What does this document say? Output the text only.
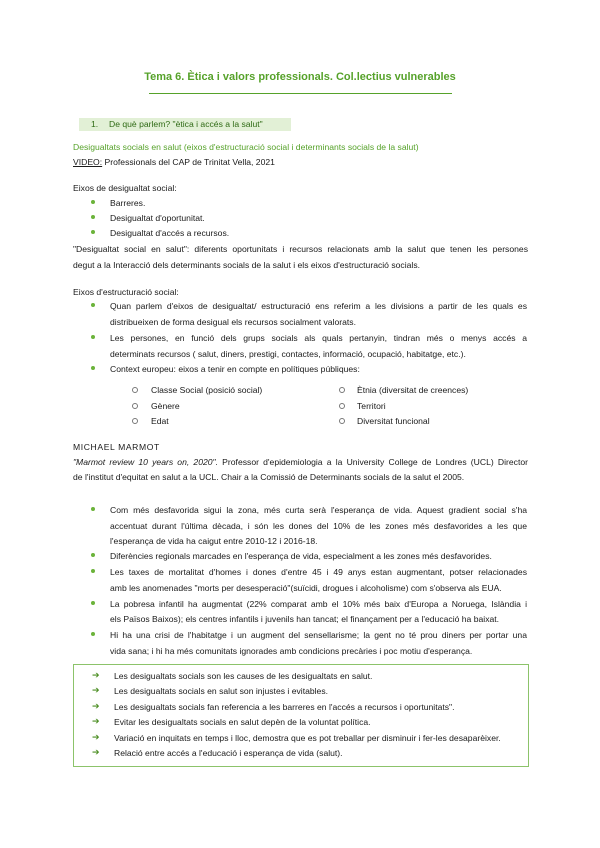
Tema 6. Ètica i valors professionals. Col.lectius vulnerables
1. De què parlem? "ètica i accés a la salut"
Desigualtats socials en salut (eixos d'estructuració social i determinants socials de la salut)
VIDEO: Professionals del CAP de Trinitat Vella, 2021
Eixos de desigualtat social:
Barreres.
Desigualtat d'oportunitat.
Desigualtat d'accés a recursos.
"Desigualtat social en salut": diferents oportunitats i recursos relacionats amb la salut que tenen les persones
degut a la Interacció dels determinants socials de la salut i els eixos d'estructuració socials.
Eixos d'estructuració social:
Quan parlem d'eixos de desigualtat/ estructuració ens referim a les divisions a partir de les quals es
distribueixen de forma desigual els recursos socialment valorats.
Les persones, en funció dels grups socials als quals pertanyin, tindran més o menys accés a
determinats recursos ( salut, diners, prestigi, contactes, informació, ocupació, habitatge, etc.).
Context europeu: eixos a tenir en compte en polítiques públiques:
Classe Social (posició social)
Gènere
Edat
Ètnia (diversitat de creences)
Territori
Diversitat funcional
MICHAEL MARMOT
"Marmot review 10 years on, 2020". Professor d'epidemiologia a la University College de Londres (UCL) Director
de l'institut d'equitat en salut a la UCL. Chair a la Comissió de Determinants socials de la salut el 2005.
Com més desfavorida sigui la zona, més curta serà l'esperança de vida. Aquest gradient social s'ha
accentuat durant l'última dècada, i són les dones del 10% de les zones més desfavorides a les que
l'esperança de vida ha caigut entre 2010-12 i 2016-18.
Diferències regionals marcades en l'esperança de vida, especialment a les zones més desfavorides.
Les taxes de mortalitat d'homes i dones d'entre 45 i 49 anys estan augmentant, potser relacionades
amb les anomenades "morts per desesperació"(suïcidi, drogues i alcoholisme) com s'observa als EUA.
La pobresa infantil ha augmentat (22% comparat amb el 10% més baix d'Europa a Noruega, Islàndia i
els Països Baixos); els centres infantils i juvenils han tancat; el finançament per a l'educació ha baixat.
Hi ha una crisi de l'habitatge i un augment del sensellarisme; la gent no té prou diners per portar una
vida sana; i hi ha més comunitats ignorades amb condicions precàries i poc motiu d'esperança.
➔ Les desigualtats socials son les causes de les desigualtats en salut.
➔ Les desigualtats socials en salut son injustes i evitables.
➔ Les desigualtats socials fan referencia a les barreres en l'accés a recursos i oportunitats".
➔ Evitar les desigualtats socials en salut depèn de la voluntat política.
➔ Variació en inquitats en temps i lloc, demostra que es pot treballar per disminuir i fer-les desaparèixer.
➔ Relació entre accés a l'educació i esperança de vida (salut).
